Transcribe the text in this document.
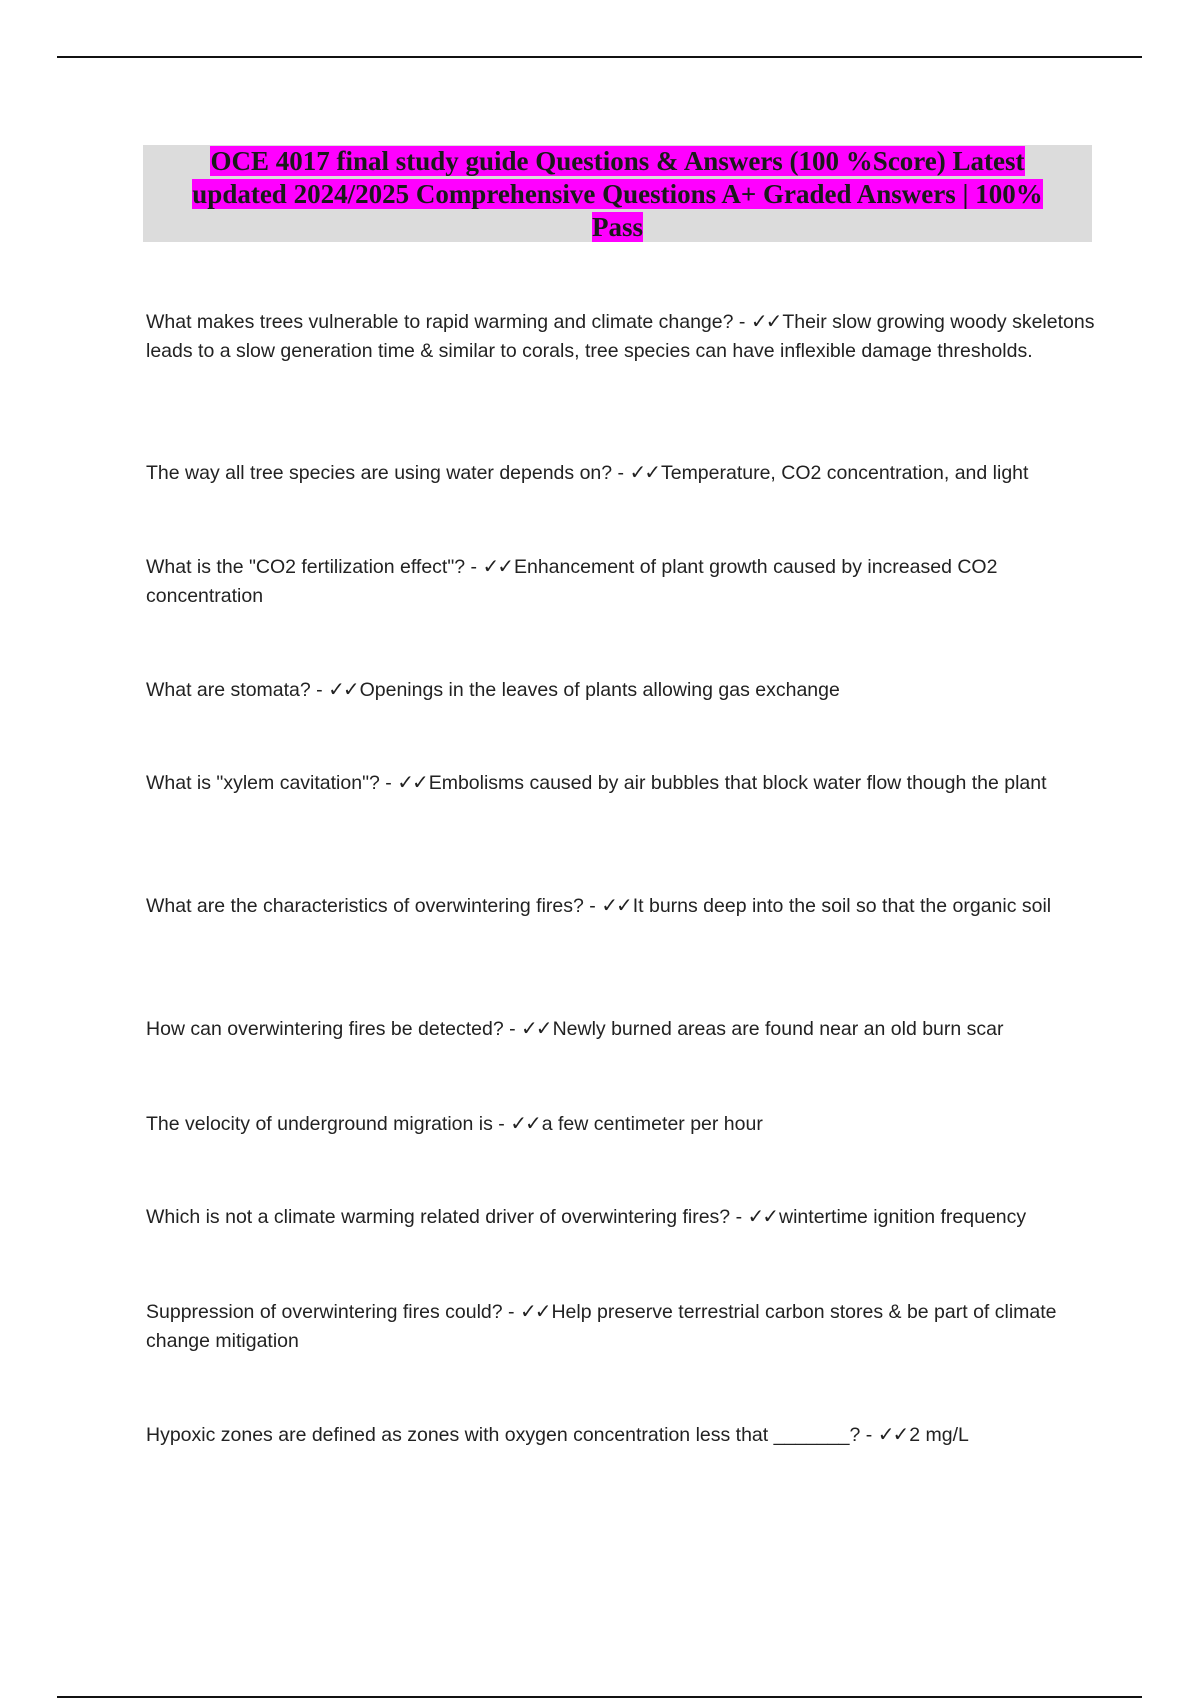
OCE 4017 final study guide Questions & Answers (100 %Score) Latest updated 2024/2025 Comprehensive Questions A+ Graded Answers | 100% Pass

What makes trees vulnerable to rapid warming and climate change? - ✓✓ Their slow growing woody skeletons leads to a slow generation time & similar to corals, tree species can have inflexible damage thresholds.

The way all tree species are using water depends on? - ✓✓ Temperature, CO2 concentration, and light

What is the "CO2 fertilization effect"? - ✓✓ Enhancement of plant growth caused by increased CO2 concentration

What are stomata? - ✓✓ Openings in the leaves of plants allowing gas exchange

What is "xylem cavitation"? - ✓✓ Embolisms caused by air bubbles that block water flow though the plant

What are the characteristics of overwintering fires? - ✓✓ It burns deep into the soil so that the organic soil

How can overwintering fires be detected? - ✓✓ Newly burned areas are found near an old burn scar

The velocity of underground migration is - ✓✓ a few centimeter per hour

Which is not a climate warming related driver of overwintering fires? - ✓✓ wintertime ignition frequency

Suppression of overwintering fires could? - ✓✓ Help preserve terrestrial carbon stores & be part of climate change mitigation

Hypoxic zones are defined as zones with oxygen concentration less that _______? - ✓✓ 2 mg/L
